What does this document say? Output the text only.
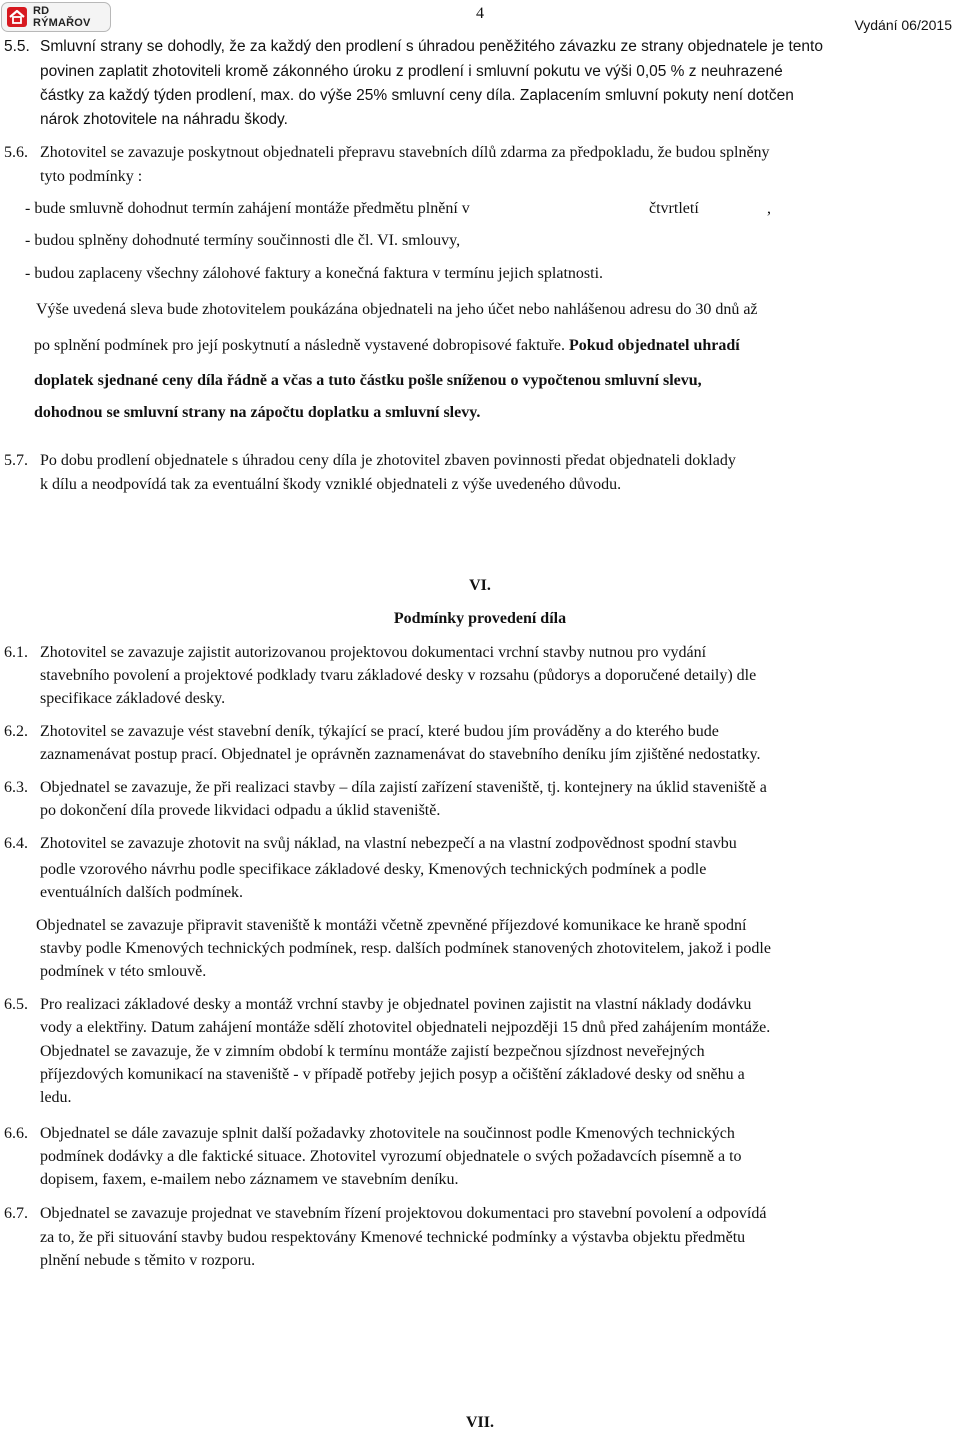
RD RÝMAŘOV
4
Vydání 06/2015
5.5. Smluvní strany se dohodly, že za každý den prodlení s úhradou peněžitého závazku ze strany objednatele je tento
povinen zaplatit zhotoviteli kromě zákonného úroku z prodlení i smluvní pokutu ve výši 0,05 % z neuhrazené
částky za každý týden prodlení, max. do výše 25% smluvní ceny díla. Zaplacením smluvní pokuty není dotčen
nárok zhotovitele na náhradu škody.
5.6. Zhotovitel se zavazuje poskytnout objednateli přepravu stavebních dílů zdarma za předpokladu, že budou splněny
tyto podmínky :
- bude smluvně dohodnut termín zahájení montáže předmětu plnění v	čtvrtletí	,
- budou splněny dohodnuté termíny součinnosti dle čl. VI. smlouvy,
- budou zaplaceny všechny zálohové faktury a konečná faktura v termínu jejich splatnosti.
Výše uvedená sleva bude zhotovitelem poukázána objednateli na jeho účet nebo nahlášenou adresu do 30 dnů až
po splnění podmínek pro její poskytnutí a následně vystavené dobropisové faktuře. Pokud objednatel uhradí
doplatek sjednané ceny díla řádně a včas a tuto částku pošle sníženou o vypočtenou smluvní slevu,
dohodnou se smluvní strany na zápočtu doplatku a smluvní slevy.
5.7. Po dobu prodlení objednatele s úhradou ceny díla je zhotovitel zbaven povinnosti předat objednateli doklady
k dílu a neodpovídá tak za eventuální škody vzniklé objednateli z výše uvedeného důvodu.
VI.
Podmínky provedení díla
6.1. Zhotovitel se zavazuje zajistit autorizovanou projektovou dokumentaci vrchní stavby nutnou pro vydání
stavebního povolení a projektové podklady tvaru základové desky v rozsahu (půdorys a doporučené detaily) dle
specifikace základové desky.
6.2. Zhotovitel se zavazuje vést stavební deník, týkající se prací, které budou jím prováděny a do kterého bude
zaznamenávat postup prací. Objednatel je oprávněn zaznamenávat do stavebního deníku jím zjištěné nedostatky.
6.3. Objednatel se zavazuje, že při realizaci stavby – díla zajistí zařízení staveniště, tj. kontejnery na úklid staveniště a
po dokončení díla provede likvidaci odpadu a úklid staveniště.
6.4. Zhotovitel se zavazuje zhotovit na svůj náklad, na vlastní nebezpečí a na vlastní zodpovědnost spodní stavbu
podle vzorového návrhu podle specifikace základové desky, Kmenových technických podmínek a podle
eventuálních dalších podmínek.
Objednatel se zavazuje připravit staveniště k montáži včetně zpevněné příjezdové komunikace ke hraně spodní
stavby podle Kmenových technických podmínek, resp. dalších podmínek stanovených zhotovitelem, jakož i podle
podmínek v této smlouvě.
6.5. Pro realizaci základové desky a montáž vrchní stavby je objednatel povinen zajistit na vlastní náklady dodávku
vody a elektřiny. Datum zahájení montáže sdělí zhotovitel objednateli nejpozději 15 dnů před zahájením montáže.
Objednatel se zavazuje, že v zimním období k termínu montáže zajistí bezpečnou sjízdnost neveřejných
příjezdových komunikací na staveniště - v případě potřeby jejich posyp a očištění základové desky od sněhu a
ledu.
6.6. Objednatel se dále zavazuje splnit další požadavky zhotovitele na součinnost podle Kmenových technických
podmínek dodávky a dle faktické situace. Zhotovitel vyrozumí objednatele o svých požadavcích písemně a to
dopisem, faxem, e-mailem nebo záznamem ve stavebním deníku.
6.7. Objednatel se zavazuje projednat ve stavebním řízení projektovou dokumentaci pro stavební povolení a odpovídá
za to, že při situování stavby budou respektovány Kmenové technické podmínky a výstavba objektu předmětu
plnění nebude s těmito v rozporu.
VII.
